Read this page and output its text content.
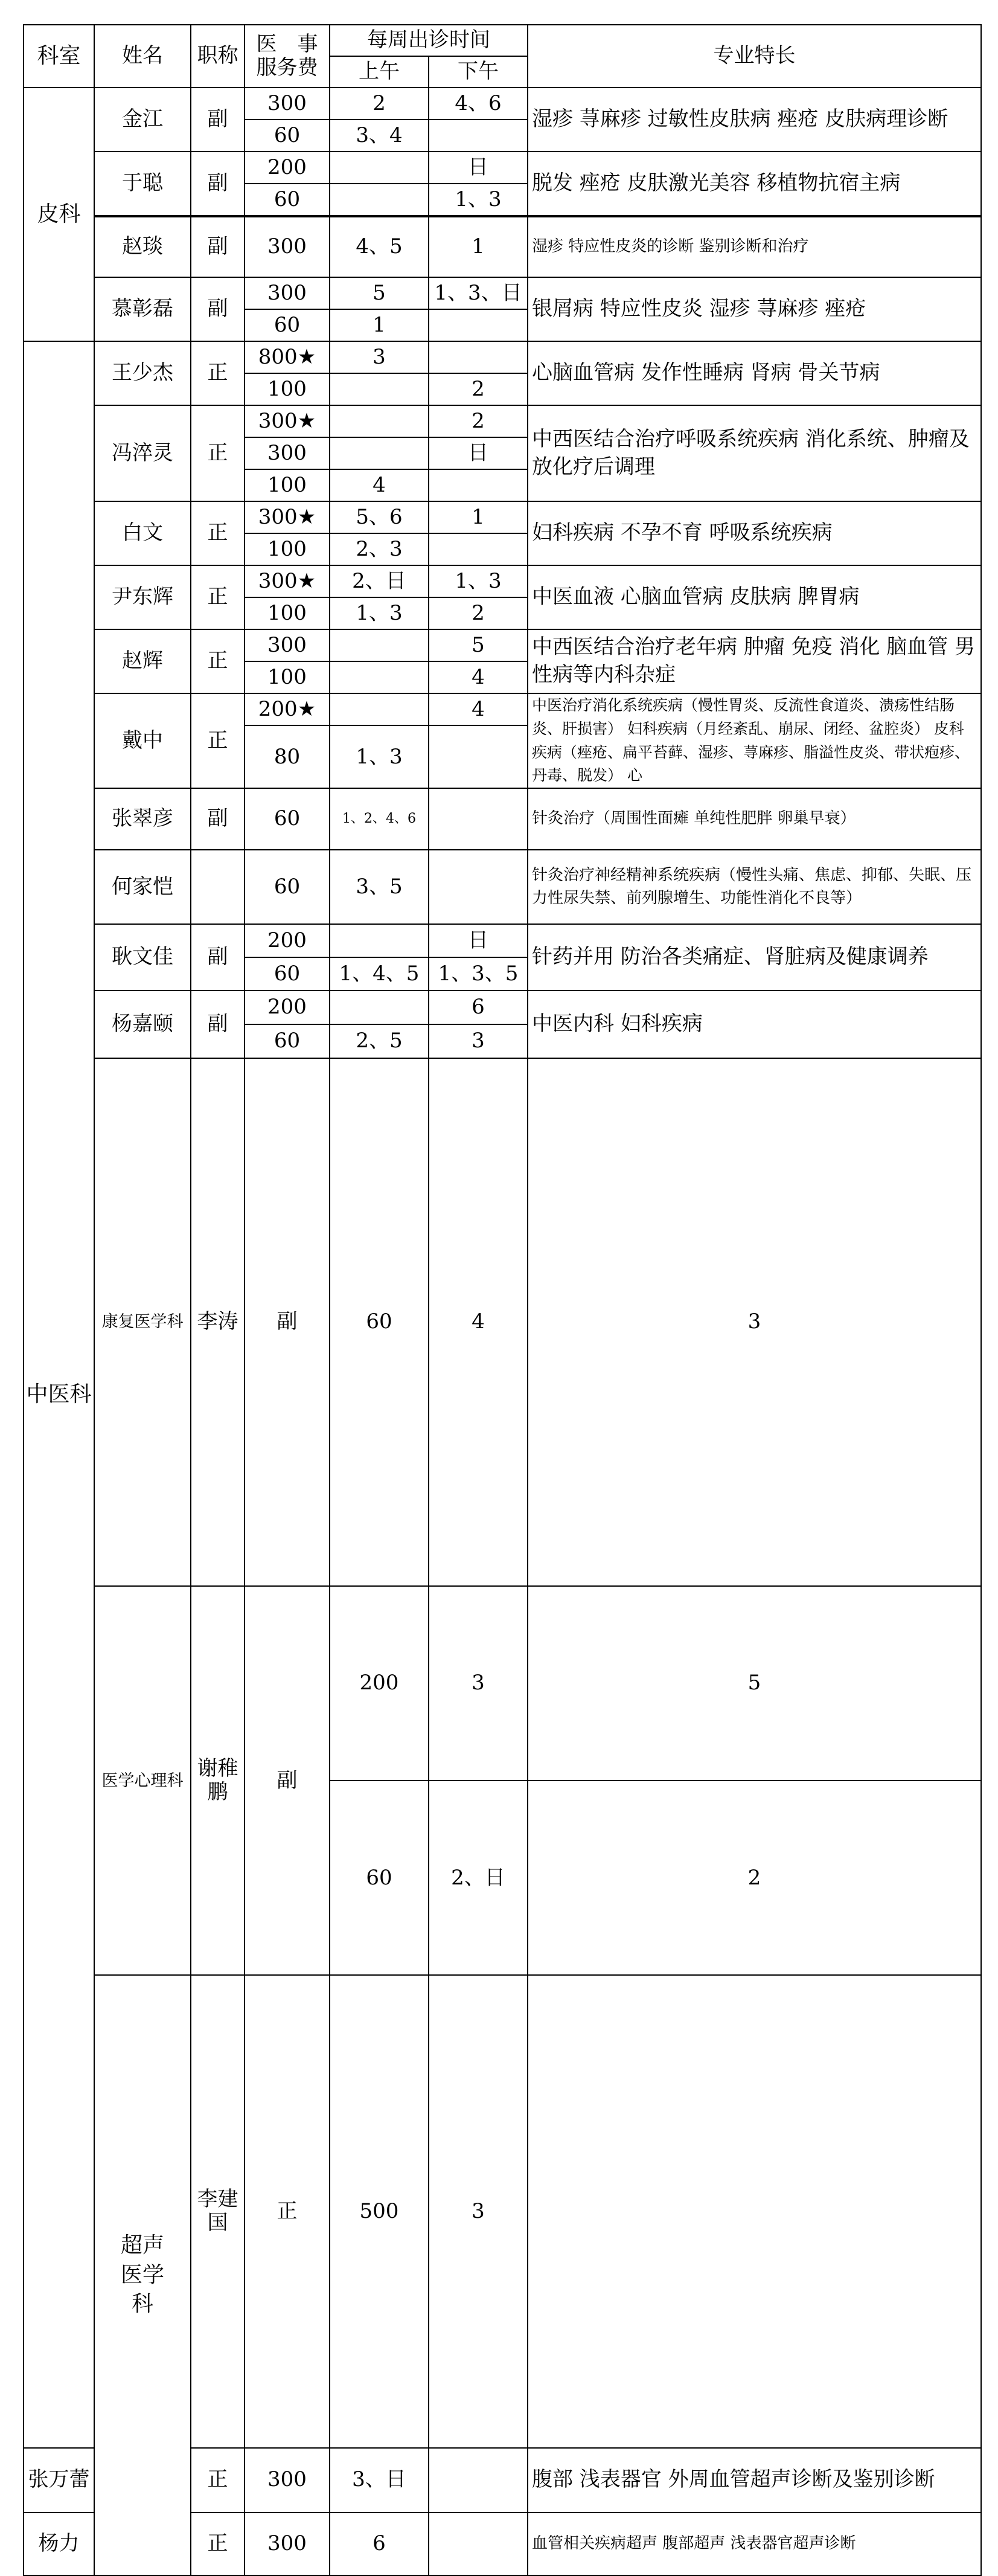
科室	姓名	职称	医　事
服务费	每周出诊时间		专业特长	
				上午	下午		
皮科	金江	副	300	2	4、6	湿疹 荨麻疹 过敏性皮肤病 痤疮 皮肤病理诊断	
			60	3、4			
	于聪	副	200		日	脱发 痤疮 皮肤激光美容 移植物抗宿主病	
			60		1、3		

	赵琰	副	300	4、5	1	湿疹 特应性皮炎的诊断 鉴别诊断和治疗	
	慕彰磊	副	300	5	1、3、日	银屑病 特应性皮炎 湿疹 荨麻疹 痤疮	
			60	1			
中医科	王少杰	正	800★	3		心脑血管病 发作性睡病 肾病 骨关节病	
			100		2		
	冯淬灵	正	300★		2	中西医结合治疗呼吸系统疾病 消化系统、肿瘤及放化疗后调理	
			300		日		
			100	4			
	白文	正	300★	5、6	1	妇科疾病 不孕不育 呼吸系统疾病	
			100	2、3			
	尹东辉	正	300★	2、日	1、3	中医血液 心脑血管病 皮肤病 脾胃病	
			100	1、3	2		
	赵辉	正	300		5	中西医结合治疗老年病 肿瘤 免疫 消化 脑血管 男性病等内科杂症	
			100		4		
	戴中	正	200★		4	中医治疗消化系统疾病（慢性胃炎、反流性食道炎、溃疡性结肠炎、肝损害） 妇科疾病（月经紊乱、崩尿、闭经、盆腔炎） 皮科疾病（痤疮、扁平苔藓、湿疹、荨麻疹、脂溢性皮炎、带状疱疹、丹毒、脱发） 心	
			80	1、3			
	张翠彦	副	60	1、2、4、6		针灸治疗（周围性面瘫 单纯性肥胖 卵巢早衰）	
	何家恺		60	3、5		针灸治疗神经精神系统疾病（慢性头痛、焦虑、抑郁、失眠、压力性尿失禁、前列腺增生、功能性消化不良等）	
	耿文佳	副	200		日	针药并用 防治各类痛症、肾脏病及健康调养	
			60	1、4、5	1、3、5		
	杨嘉颐	副	200		6	中医内科 妇科疾病	
			60	2、5	3		
	康复医学科	李涛	副	60	4	3	
	医学心理科	谢稚鹏	副	200	3	5	
				60	2、日	2	

	超声医学科	李建国	正	500	3		
张万蕾		正	300	3、日		腹部 浅表器官 外周血管超声诊断及鉴别诊断	
杨力		正	300	6		血管相关疾病超声 腹部超声 浅表器官超声诊断	
